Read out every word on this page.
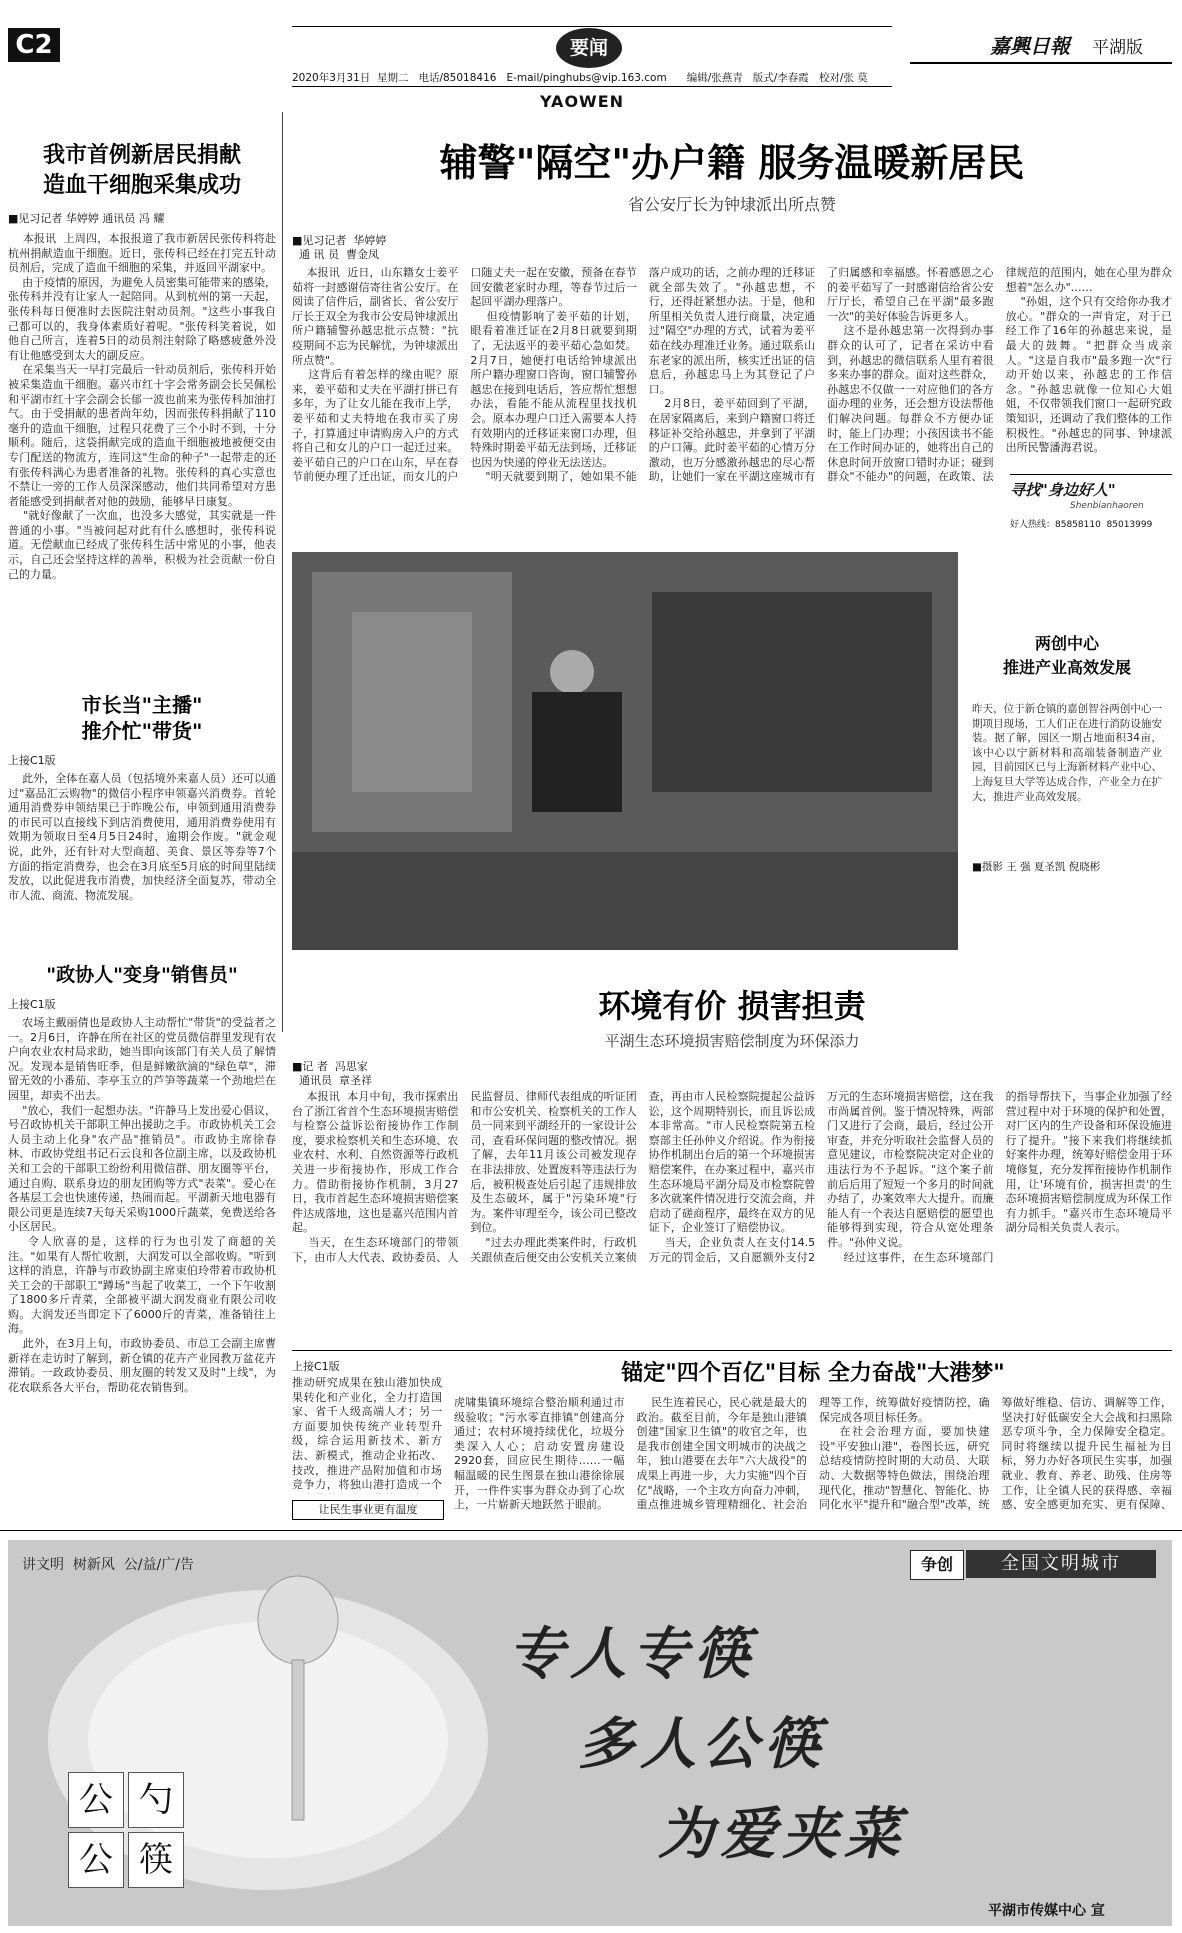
C2	要闻	嘉興日報 平湖版
2020年3月31日  星期二   电话/85018416   E-mail/pinghubs@vip.163.com      编辑/张燕青   版式/李春霞   校对/张 莫
YAOWEN
我市首例新居民捐献
造血干细胞采集成功
■见习记者 华婷婷 通讯员 冯 耀
本报讯  上周四，本报报道了我市新居民张传科将赴杭州捐献造血干细胞。近日，张传科已经在打完五针动员剂后，完成了造血干细胞的采集，并返回平湖家中。
由于疫情的原因，为避免人员密集可能带来的感染，张传科并没有让家人一起陪同。从到杭州的第一天起，张传科每日便准时去医院注射动员剂。"这些小事我自己都可以的，我身体素质好着呢。"张传科笑着说，如他自己所言，连着5日的动员剂注射除了略感疲惫外没有让他感受到太大的副反应。
在采集当天一早打完最后一针动员剂后，张传科开始被采集造血干细胞。嘉兴市红十字会常务副会长吴佩松和平湖市红十字会副会长郁一波也前来为张传科加油打气。由于受捐献的患者尚年幼，因而张传科捐献了110毫升的造血干细胞，过程只花费了三个小时不到，十分顺利。随后，这袋捐献完成的造血干细胞被地被便交由专门配送的物流方，连同这"生命的种子"一起带走的还有张传科满心为患者准备的礼物。张传科的真心实意也不禁让一旁的工作人员深深感动，他们共同希望对方患者能感受到捐献者对他的鼓励，能够早日康复。
"就好像献了一次血，也没多大感觉，其实就是一件普通的小事。"当被问起对此有什么感想时，张传科说道。无偿献血已经成了张传科生活中常见的小事，他表示，自己还会坚持这样的善举，积极为社会贡献一份自己的力量。
市长当"主播"
推介忙"带货"
上接C1版
此外，全体在嘉人员（包括境外来嘉人员）还可以通过"嘉品汇云购物"的微信小程序申领嘉兴消费券。首轮通用消费券申领结果已于昨晚公布，申领到通用消费券的市民可以直接线下到店消费使用，通用消费券使用有效期为领取日至4月5日24时，逾期会作废。"就金观说，此外，还有针对大型商超、美食、景区等券等7个方面的指定消费券，也会在3月底至5月底的时间里陆续发放，以此促进我市消费，加快经济全面复苏，带动全市人流、商流、物流发展。
"政协人"变身"销售员"
上接C1版
农场主戴丽倩也是政协人主动帮忙"带货"的受益者之一。2月6日，许静在所在社区的党员微信群里发现有农户向农业农村局求助，她当即向该部门有关人员了解情况。发现本是销售旺季，但是鲜嫩欲滴的"绿色草"，滞留无效的小番茄、李亭玉立的芦笋等蔬菜一个劲地烂在园里，却卖不出去。
"放心，我们一起想办法。"许静马上发出爱心倡议，号召政协机关干部职工伸出援助之手。市政协机关工会人员主动上化身"农产品"推销员"。市政协主席徐春林、市政协党组书记石云良和各位副主席，以及政协机关和工会的干部职工纷纷利用微信群、朋友圈等平台，通过自购、联系身边的朋友团购等方式"表菜"。爱心在各基层工会也快速传递，热闹而起。平湖新天地电器有限公司更是连续7天每天采购1000斤蔬菜，免费送给各小区居民。
令人欣喜的是，这样的行为也引发了商超的关注。"如果有人帮忙收割，大润发可以全部收购。"听到这样的消息，许静与市政协副主席束伯玲带着市政协机关工会的干部职工"蹲场"当起了收菜工，一个下午收割了1800多斤青菜，全部被平湖大润发商业有限公司收购。大润发还当即定下了6000斤的青菜，准备销往上海。
此外，在3月上旬，市政协委员、市总工会副主席曹新祥在走访时了解到，新仓镇的花卉产业园教万盆花卉滞销。一政政协委员、朋友圈的转发又及时"上线"，为花农联系各大平台，帮助花农销售到。
辅警"隔空"办户籍 服务温暖新居民
省公安厅长为钟埭派出所点赞
■见习记者  华婷婷
通 讯 员  曹金凤
本报讯  近日，山东籍女士姜平茹将一封感谢信寄往省公安厅。在阅读了信件后，副省长、省公安厅厅长王双全为我市公安局钟埭派出所户籍辅警孙越忠批示点赞："抗疫期间不忘为民解忧，为钟埭派出所点赞"。
这背后有着怎样的缘由呢？原来，姜平茹和丈夫在平湖打拼已有多年，为了让女儿能在我市上学，姜平茹和丈夫特地在我市买了房子，打算通过申请购房入户的方式将自己和女儿的户口一起迁过来。姜平茹自己的户口在山东，早在春节前便办理了迁出证，而女儿的户口随丈夫一起在安徽，预备在春节回安徽老家时办理，等春节过后一起回平湖办理落户。
但疫情影响了姜平茹的计划，眼看着准迁证在2月8日就要到期了，无法返平的姜平茹心急如焚。2月7日，她便打电话给钟埭派出所户籍办理窗口咨询，窗口辅警孙越忠在接到电话后，答应帮忙想想办法，看能不能从流程里找找机会。原本办理户口迁入需要本人持有效期内的迁移证来窗口办理，但特殊时期姜平茹无法到场，迁移证也因为快递的停业无法送达。
"明天就要到期了，她如果不能落户成功的话，之前办理的迁移证就全部失效了。"孙越忠想，不行，还得赶紧想办法。于是，他和所里相关负责人进行商量，决定通过"隔空"办理的方式，试着为姜平茹在线办理准迁业务。通过联系山东老家的派出所，核实迁出证的信息后，孙越忠马上为其登记了户口。
2月8日，姜平茹回到了平湖，在居家隔离后，来到户籍窗口将迁移证补交给孙越忠，并拿到了平湖的户口簿。此时姜平茹的心情万分激动，也万分感激孙越忠的尽心帮助，让她们一家在平湖这座城市有了归属感和幸福感。怀着感恩之心的姜平茹写了一封感谢信给省公安厅厅长，希望自己在平湖"最多跑一次"的美好体验告诉更多人。
这不是孙越忠第一次得到办事群众的认可了，记者在采访中看到，孙越忠的微信联系人里有着很多来办事的群众。面对这些群众，孙越忠不仅做一一对应他们的各方面办理的业务，还会想方设法帮他们解决问题。每群众不方便办证时，能上门办理；小孩因读书不能在工作时间办证的，她将出自己的休息时间开放窗口错时办证；碰到群众"不能办"的问题，在政策、法律规范的范围内，她在心里为群众想着"怎么办"……
"孙姐，这个只有交给你办我才放心。"群众的一声肯定，对于已经工作了16年的孙越忠来说，是最大的鼓舞。"把群众当成亲人。"这是自我市"最多跑一次"行动开始以来，孙越忠的工作信念。"孙越忠就像一位知心大姐姐，不仅带领我们窗口一起研究政策知识，还调动了我们整体的工作积极性。"孙越忠的同事、钟埭派出所民警潘海君说。
寻找"身边好人"
Shenbianhaoren
好人热线：85858110  85013999
两创中心
推进产业高效发展
昨天，位于新仓镇的嘉创智谷两创中心一期项目现场，工人们正在进行消防设施安装。据了解，园区一期占地面积34亩，该中心以宁新材料和高端装备制造产业园，目前园区已与上海新材料产业中心、上海复旦大学等达成合作，产业全力在扩大，推进产业高效发展。
■摄影 王 强 夏圣凯 倪晓彬
环境有价 损害担责
平湖生态环境损害赔偿制度为环保添力
■记 者  冯思家
通讯员  章圣祥
本报讯  本月中旬，我市探索出台了浙江省首个生态环境损害赔偿与检察公益诉讼衔接协作工作制度，要求检察机关和生态环境、农业农村、水利、自然资源等行政机关进一步衔接协作，形成工作合力。借助衔接协作机制，3月27日，我市首起生态环境损害赔偿案件达成落地，这也是嘉兴范围内首起。
当天，在生态环境部门的带领下，由市人大代表、政协委员、人民监督员、律师代表组成的听证团和市公安机关、检察机关的工作人员一同来到平湖经开的一家设计公司，查看环保问题的整改情况。据了解，去年11月该公司被发现存在非法排放、处置废料等违法行为后，被积极查处后引起了违规排放及生态破坏，属于"污染环境"行为。案件审理至今，该公司已整改到位。
"过去办理此类案件时，行政机关跟侦查后便交由公安机关立案侦查，再由市人民检察院提起公益诉讼，这个周期特别长，而且诉讼成本非常高。"市人民检察院第五检察部主任孙仲义介绍说。作为衔接协作机制出台后的第一个环境损害赔偿案件，在办案过程中，嘉兴市生态环境局平湖分局及市检察院曾多次就案件情况进行交流会商，并启动了磋商程序，最终在双方的见证下，企业签订了赔偿协议。
当天，企业负责人在支付14.5万元的罚金后，又自愿额外支付2万元的生态环境损害赔偿，这在我市尚属首例。鉴于情况特殊，两部门又进行了会商，最后，经过公开审查，并充分听取社会监督人员的意见建议，市检察院决定对企业的违法行为不予起诉。"这个案子前前后后用了短短一个多月的时间就办结了，办案效率大大提升。而廉能人有一个表达自愿赔偿的愿望也能够得到实现，符合从宽处理条件。"孙仲义说。
经过这事件，在生态环境部门的指导帮扶下，当事企业加强了经营过程中对于环境的保护和处置，对厂区内的生产设备和环保设施进行了提升。"接下来我们将继续抓好案件办理，统筹好赔偿金用于环境修复，充分发挥衔接协作机制作用，让'环境有价，损害担责'的生态环境损害赔偿制度成为环保工作有力抓手。"嘉兴市生态环境局平湖分局相关负责人表示。
上接C1版
推动研究成果在独山港加快成果转化和产业化，全力打造国家、省千人级高端人才；另一方面要加快传统产业转型升级，综合运用新技术、新方法、新模式，推动企业拓改、技改，推进产品附加值和市场竞争力，将独山港打造成一个
让民生事业更有温度
锚定"四个百亿"目标 全力奋战"大港梦"
虎啸集镇环境综合整治顺利通过市级验收；"污水零直排镇"创建高分通过；农村环境持续优化，垃圾分类深入人心；启动安置房建设2920套，回应民生期待……一幅幅温暖的民生图景在独山港徐徐展开，一件件实事为群众办到了心坎上，一片崭新天地跃然于眼前。
民生连着民心，民心就是最大的政治。截至目前，今年是独山港镇创建"国家卫生镇"的收官之年，也是我市创建全国文明城市的决战之年，独山港要在去年"六大战役"的成果上再进一步，大力实施"四个百亿"战略，一个主攻方向奋力冲刺，重点推进城乡管理精细化、社会治理等工作，统筹做好疫情防控，确保完成各项目标任务。
在社会治理方面，要加快建设"平安独山港"，卷图长远，研究总结疫情防控时期的大动员、大联动、大数据等特色做法，围绕治理现代化，推动"智慧化、智能化、协同化水平"提升和"融合型"改革，统筹做好维稳、信访、调解等工作，坚决打好低碳安全大会战和扫黑除恶专项斗争，全力保障安全稳定。同时将继续以提升民生福祉为目标，努力办好各项民生实事，加强就业、教育、养老、助残、住房等工作，让全镇人民的获得感、幸福感、安全感更加充实、更有保障、

讲文明  树新风  公/益/广/告	争创	全国文明城市
公 勺
公 筷
专人专筷
多人公筷
为爱夹菜
平湖市传媒中心 宣
